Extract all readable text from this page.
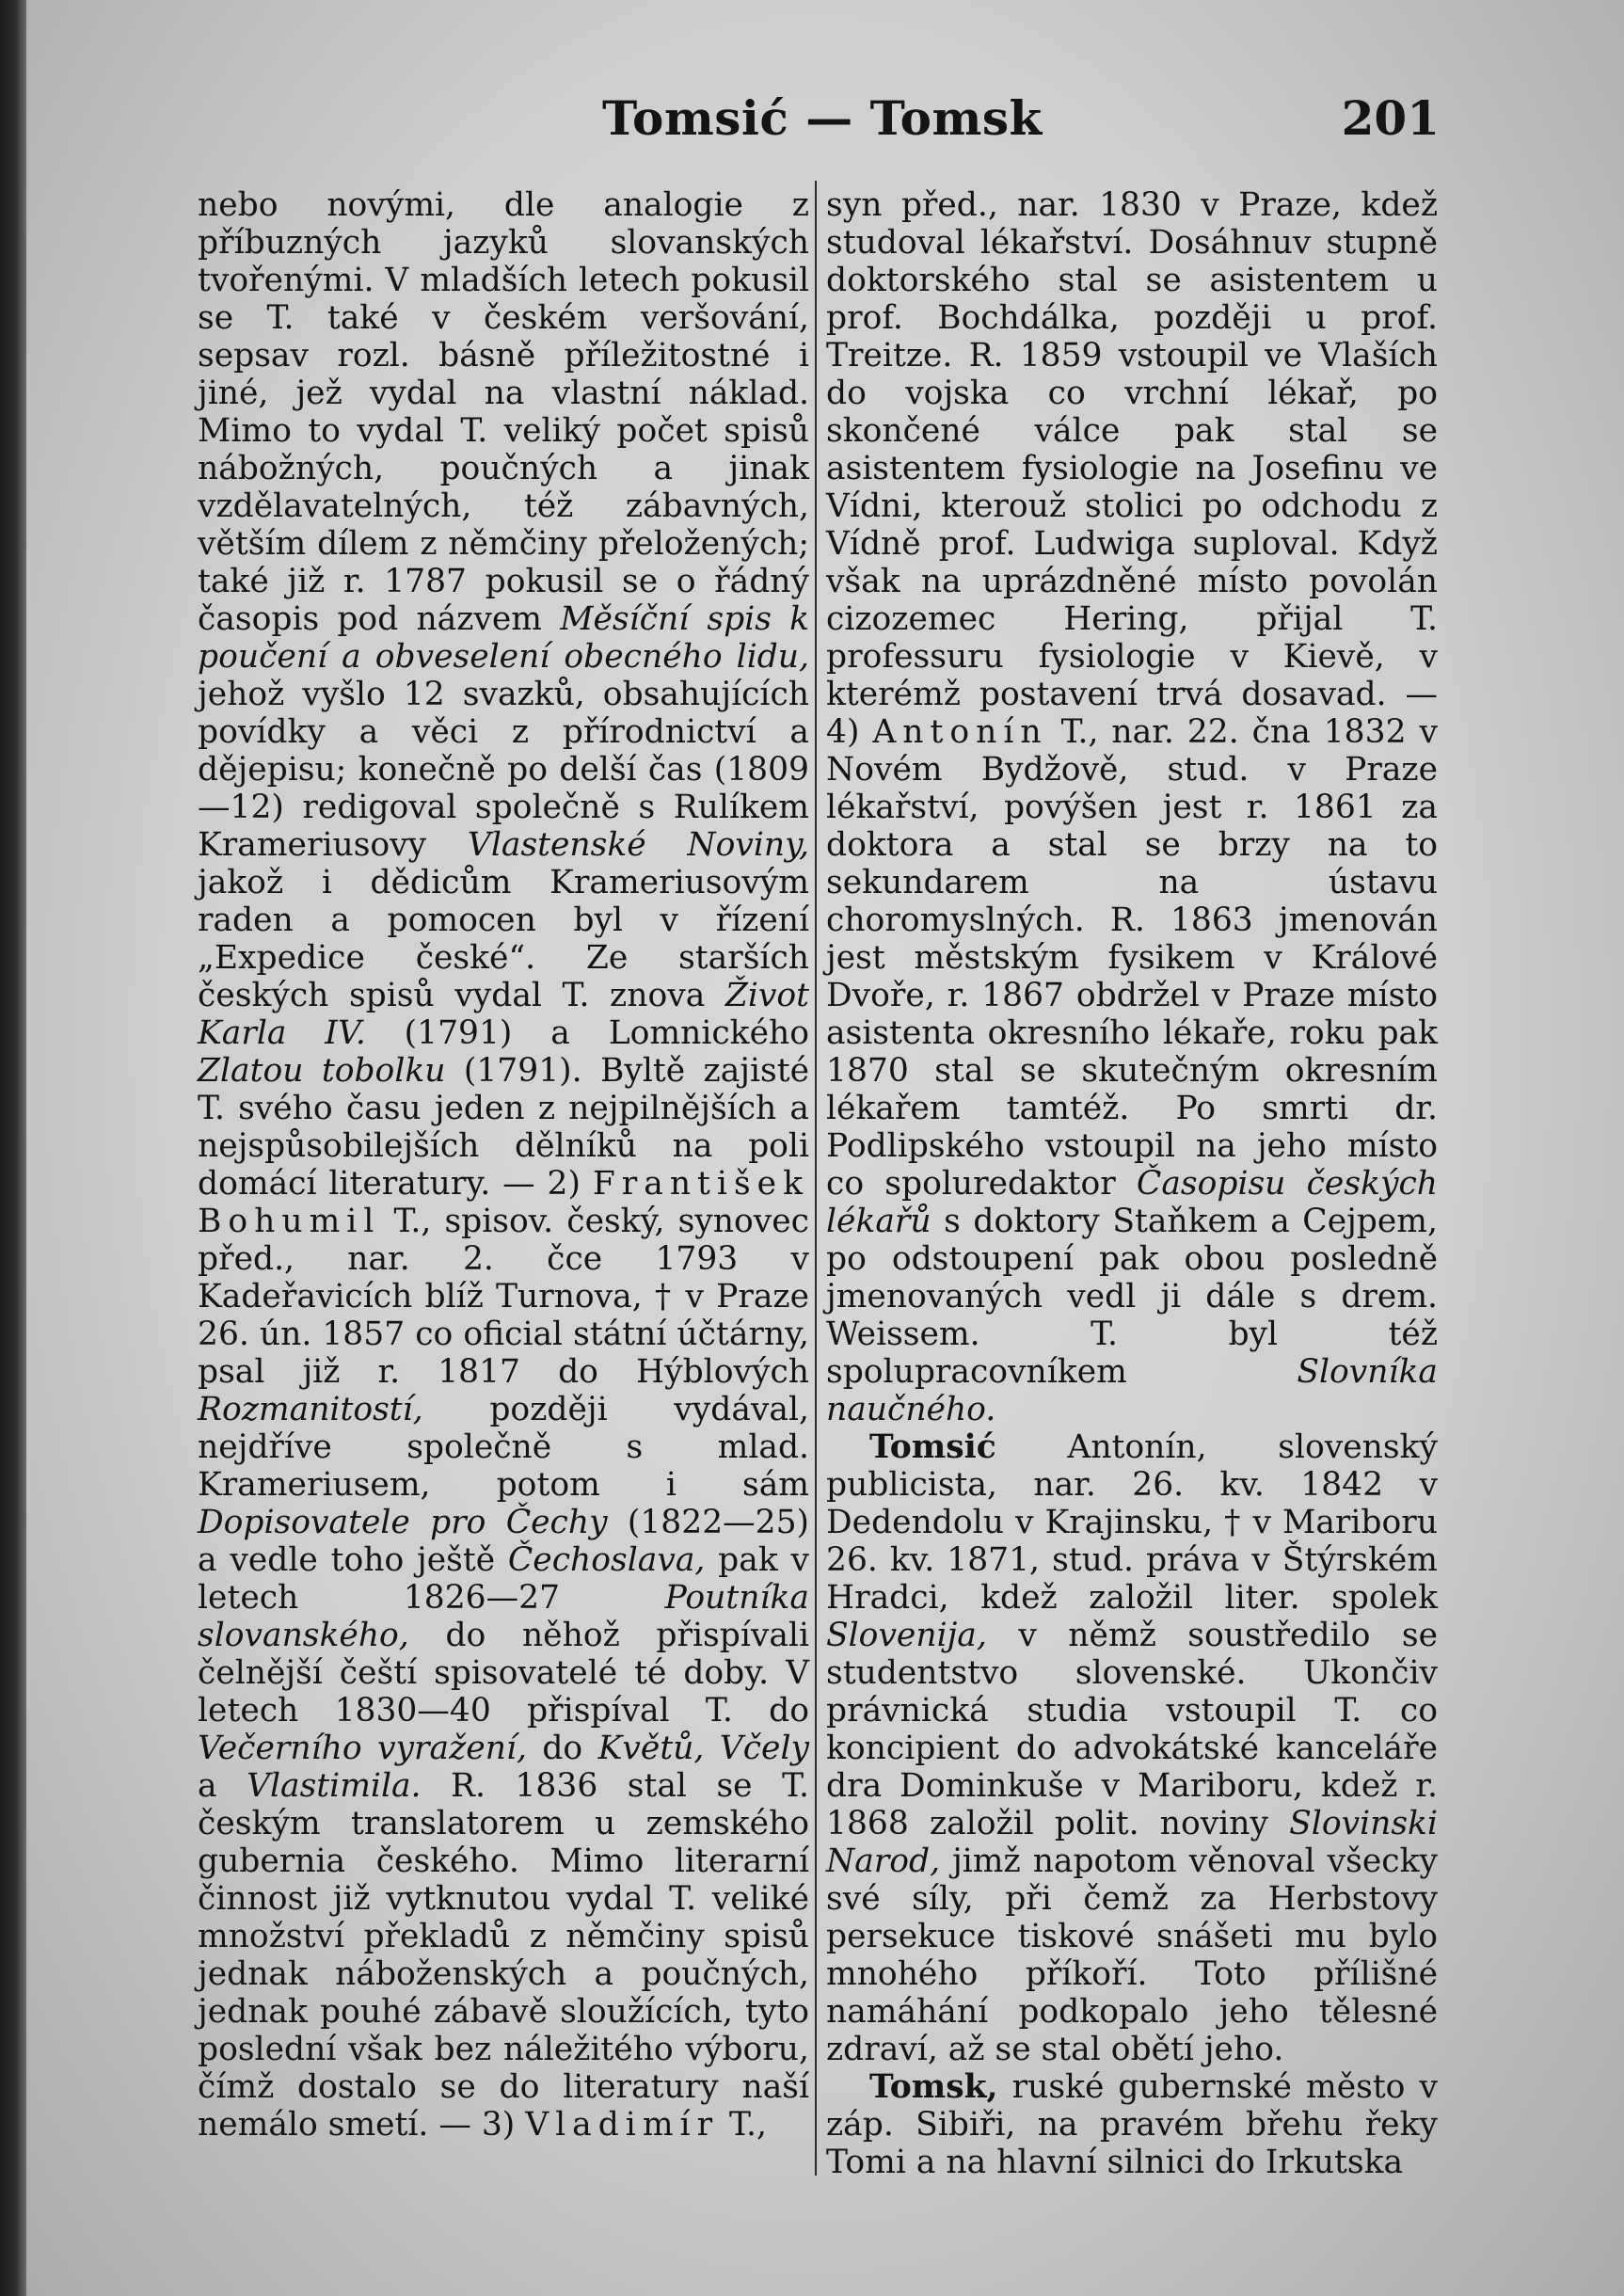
Tomsić — Tomsk	201

nebo novými, dle analogie z příbuzných jazyků slovanských tvořenými. V mladších letech pokusil se T. také v českém veršování, sepsav rozl. básně příležitostné i jiné, jež vydal na vlastní náklad. Mimo to vydal T. veliký počet spisů nábožných, poučných a jinak vzdělavatelných, též zábavných, větším dílem z němčiny přeložených; také již r. 1787 pokusil se o řádný časopis pod názvem Měsíční spis k poučení a obveselení obecného lidu, jehož vyšlo 12 svazků, obsahujících povídky a věci z přírodnictví a dějepisu; konečně po delší čas (1809—12) redigoval společně s Rulíkem Krameriusovy Vlastenské Noviny, jakož i dědicům Krameriusovým raden a pomocen byl v řízení „Expedice české“. Ze starších českých spisů vydal T. znova Život Karla IV. (1791) a Lomnického Zlatou tobolku (1791). Byltě zajisté T. svého času jeden z nejpilnějších a nejspůsobilejších dělníků na poli domácí literatury. — 2) František Bohumil T., spisov. český, synovec před., nar. 2. čce 1793 v Kadeřavicích blíž Turnova, † v Praze 26. ún. 1857 co oficial státní účtárny, psal již r. 1817 do Hýblových Rozmanitostí, později vydával, nejdříve společně s mlad. Krameriusem, potom i sám Dopisovatele pro Čechy (1822—25) a vedle toho ještě Čechoslava, pak v letech 1826—27 Poutníka slovanského, do něhož přispívali čelnější čeští spisovatelé té doby. V letech 1830—40 přispíval T. do Večerního vyražení, do Květů, Včely a Vlastimila. R. 1836 stal se T. českým translatorem u zemského gubernia českého. Mimo literarní činnost již vytknutou vydal T. veliké množství překladů z němčiny spisů jednak náboženských a poučných, jednak pouhé zábavě sloužících, tyto poslední však bez náležitého výboru, čímž dostalo se do literatury naší nemálo smetí. — 3) Vladimír T.,

syn před., nar. 1830 v Praze, kdež studoval lékařství. Dosáhnuv stupně doktorského stal se asistentem u prof. Bochdálka, později u prof. Treitze. R. 1859 vstoupil ve Vlaších do vojska co vrchní lékař, po skončené válce pak stal se asistentem fysiologie na Josefinu ve Vídni, kterouž stolici po odchodu z Vídně prof. Ludwiga suploval. Když však na uprázdněné místo povolán cizozemec Hering, přijal T. professuru fysiologie v Kievě, v kterémž postavení trvá dosavad. — 4) Antonín T., nar. 22. čna 1832 v Novém Bydžově, stud. v Praze lékařství, povýšen jest r. 1861 za doktora a stal se brzy na to sekundarem na ústavu choromyslných. R. 1863 jmenován jest městským fysikem v Králové Dvoře, r. 1867 obdržel v Praze místo asistenta okresního lékaře, roku pak 1870 stal se skutečným okresním lékařem tamtéž. Po smrti dr. Podlipského vstoupil na jeho místo co spoluredaktor Časopisu českých lékařů s doktory Staňkem a Cejpem, po odstoupení pak obou posledně jmenovaných vedl ji dále s drem. Weissem. T. byl též spolupracovníkem Slovníka naučného.

Tomsić Antonín, slovenský publicista, nar. 26. kv. 1842 v Dedendolu v Krajinsku, † v Mariboru 26. kv. 1871, stud. práva v Štýrském Hradci, kdež založil liter. spolek Slovenija, v němž soustředilo se studentstvo slovenské. Ukončiv právnická studia vstoupil T. co koncipient do advokátské kanceláře dra Dominkuše v Mariboru, kdež r. 1868 založil polit. noviny Slovinski Narod, jimž napotom věnoval všecky své síly, při čemž za Herbstovy persekuce tiskové snášeti mu bylo mnohého příkoří. Toto přílišné namáhání podkopalo jeho tělesné zdraví, až se stal obětí jeho.

Tomsk, ruské gubernské město v záp. Sibiři, na pravém břehu řeky Tomi a na hlavní silnici do Irkutska
